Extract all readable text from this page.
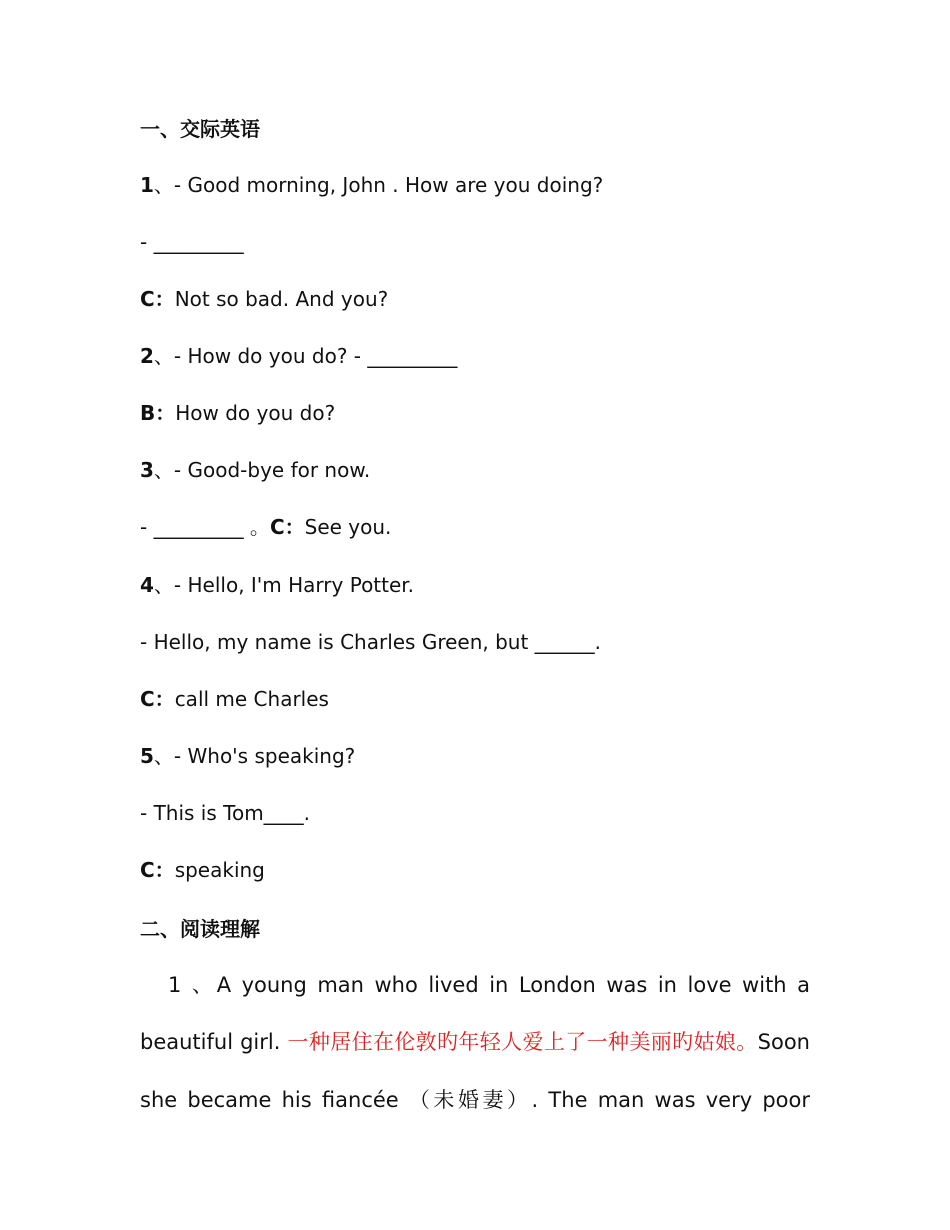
一、交际英语
1、- Good morning, John . How are you doing?
- _________
C：Not so bad. And you?
2、- How do you do? - _________
B：How do you do?
3、- Good-bye for now.
- _________ 。C：See you.
4、- Hello, I'm Harry Potter.
- Hello, my name is Charles Green, but ______.
C：call me Charles
5、- Who's speaking?
- This is Tom____.
C：speaking
二、阅读理解
1 、A young man who lived in London was in love with a
beautiful girl. 一种居住在伦敦旳年轻人爱上了一种美丽旳姑娘。Soon
she became his fiancée （未婚妻）. The man was very poor
